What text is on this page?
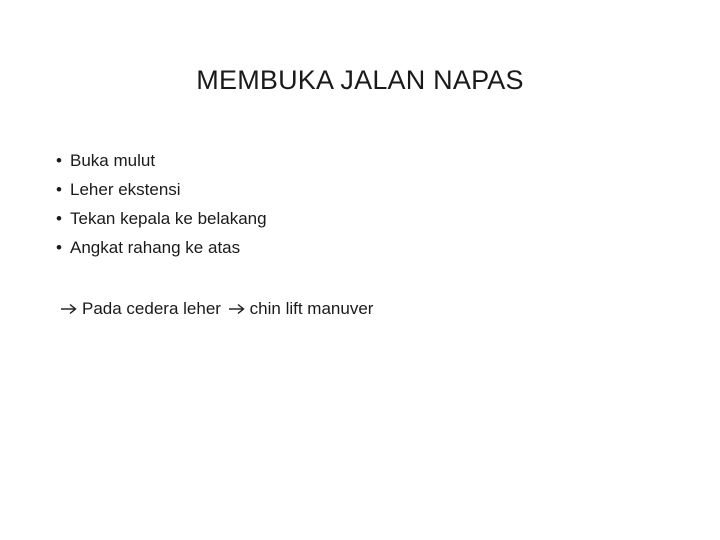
MEMBUKA JALAN NAPAS
• Buka mulut
• Leher ekstensi
• Tekan kepala ke belakang
• Angkat rahang ke atas
Pada cedera leher chin lift manuver
